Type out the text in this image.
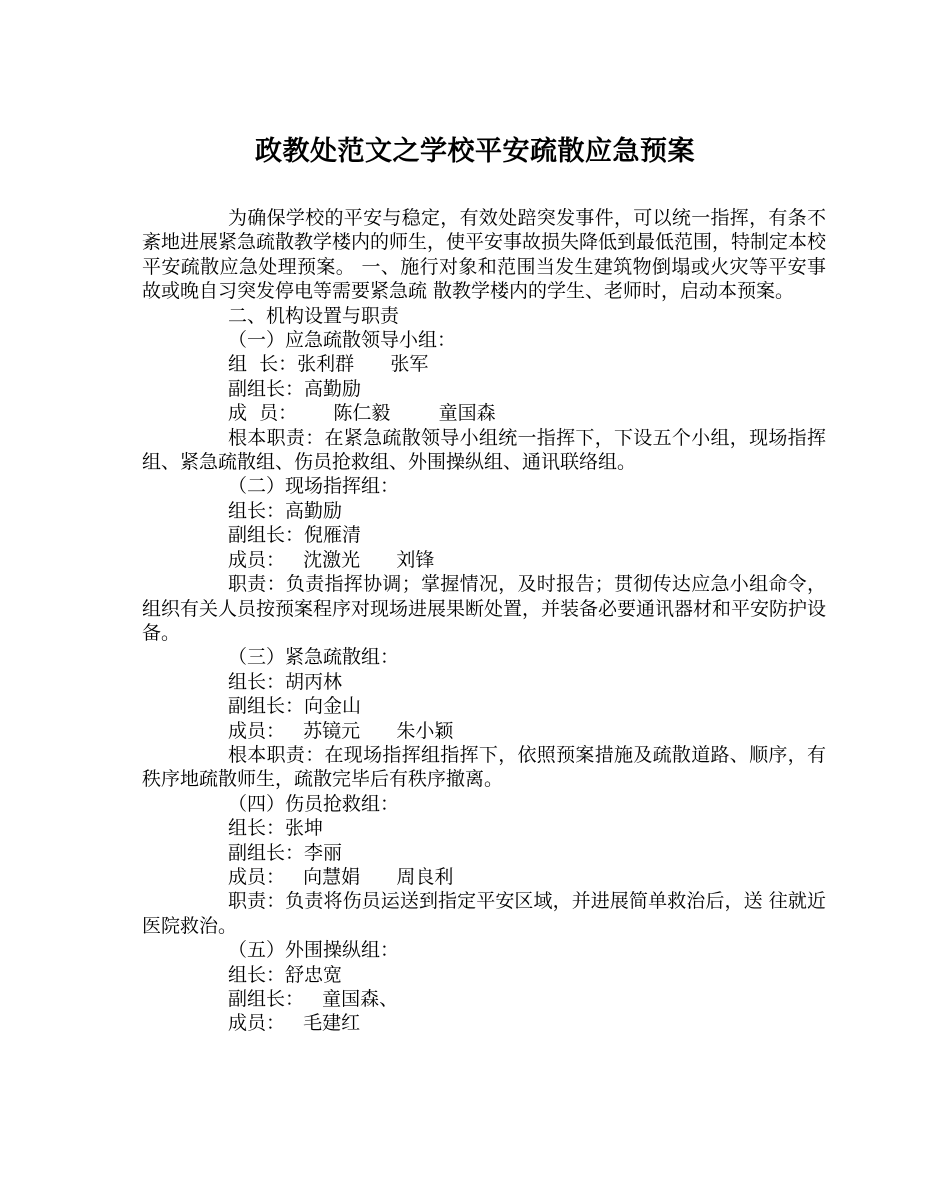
政教处范文之学校平安疏散应急预案

为确保学校的平安与稳定，有效处踣突发事件，可以统一指挥，有条不紊地进展紧急疏散教学楼内的师生，使平安事故损失降低到最低范围，特制定本校平安疏散应急处理预案。 一、施行对象和范围当发生建筑物倒塌或火灾等平安事故或晚自习突发停电等需要紧急疏 散教学楼内的学生、老师时，启动本预案。

二、机构设置与职责

（一）应急疏散领导小组：

组  长：张利群      张军

副组长：高勤励

成  员：      陈仁毅        童国森

根本职责：在紧急疏散领导小组统一指挥下，下设五个小组，现场指挥组、紧急疏散组、伤员抢救组、外围操纵组、通讯联络组。

（二）现场指挥组：

组长：高勤励

副组长：倪雁清

成员：   沈激光      刘锋

职责：负责指挥协调；掌握情况，及时报告；贯彻传达应急小组命令，组织有关人员按预案程序对现场进展果断处置，并装备必要通讯器材和平安防护设备。

（三）紧急疏散组：

组长：胡丙林

副组长：向金山

成员：   苏镜元      朱小颖

根本职责：在现场指挥组指挥下，依照预案措施及疏散道路、顺序，有秩序地疏散师生，疏散完毕后有秩序撤离。

（四）伤员抢救组：

组长：张坤

副组长：李丽

成员：   向慧娟      周良利

职责：负责将伤员运送到指定平安区域，并进展简单救治后，送 往就近医院救治。

（五）外围操纵组：

组长：舒忠宽

副组长：   童国森、

成员：   毛建红
